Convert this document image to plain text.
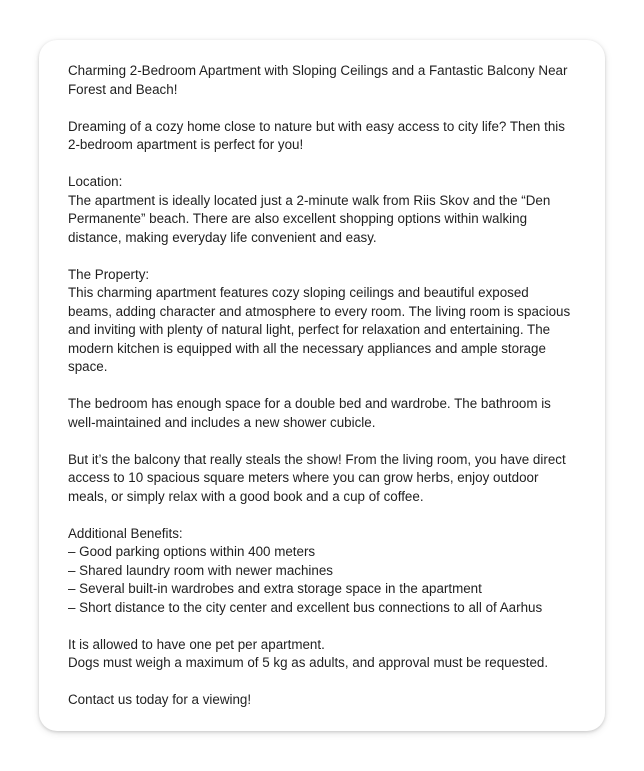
Charming 2-Bedroom Apartment with Sloping Ceilings and a Fantastic Balcony Near
Forest and Beach!
Dreaming of a cozy home close to nature but with easy access to city life? Then this
2-bedroom apartment is perfect for you!
Location:
The apartment is ideally located just a 2-minute walk from Riis Skov and the “Den
Permanente” beach. There are also excellent shopping options within walking
distance, making everyday life convenient and easy.
The Property:
This charming apartment features cozy sloping ceilings and beautiful exposed
beams, adding character and atmosphere to every room. The living room is spacious
and inviting with plenty of natural light, perfect for relaxation and entertaining. The
modern kitchen is equipped with all the necessary appliances and ample storage
space.
The bedroom has enough space for a double bed and wardrobe. The bathroom is
well-maintained and includes a new shower cubicle.
But it’s the balcony that really steals the show! From the living room, you have direct
access to 10 spacious square meters where you can grow herbs, enjoy outdoor
meals, or simply relax with a good book and a cup of coffee.
Additional Benefits:
– Good parking options within 400 meters
– Shared laundry room with newer machines
– Several built-in wardrobes and extra storage space in the apartment
– Short distance to the city center and excellent bus connections to all of Aarhus
It is allowed to have one pet per apartment.
Dogs must weigh a maximum of 5 kg as adults, and approval must be requested.
Contact us today for a viewing!
